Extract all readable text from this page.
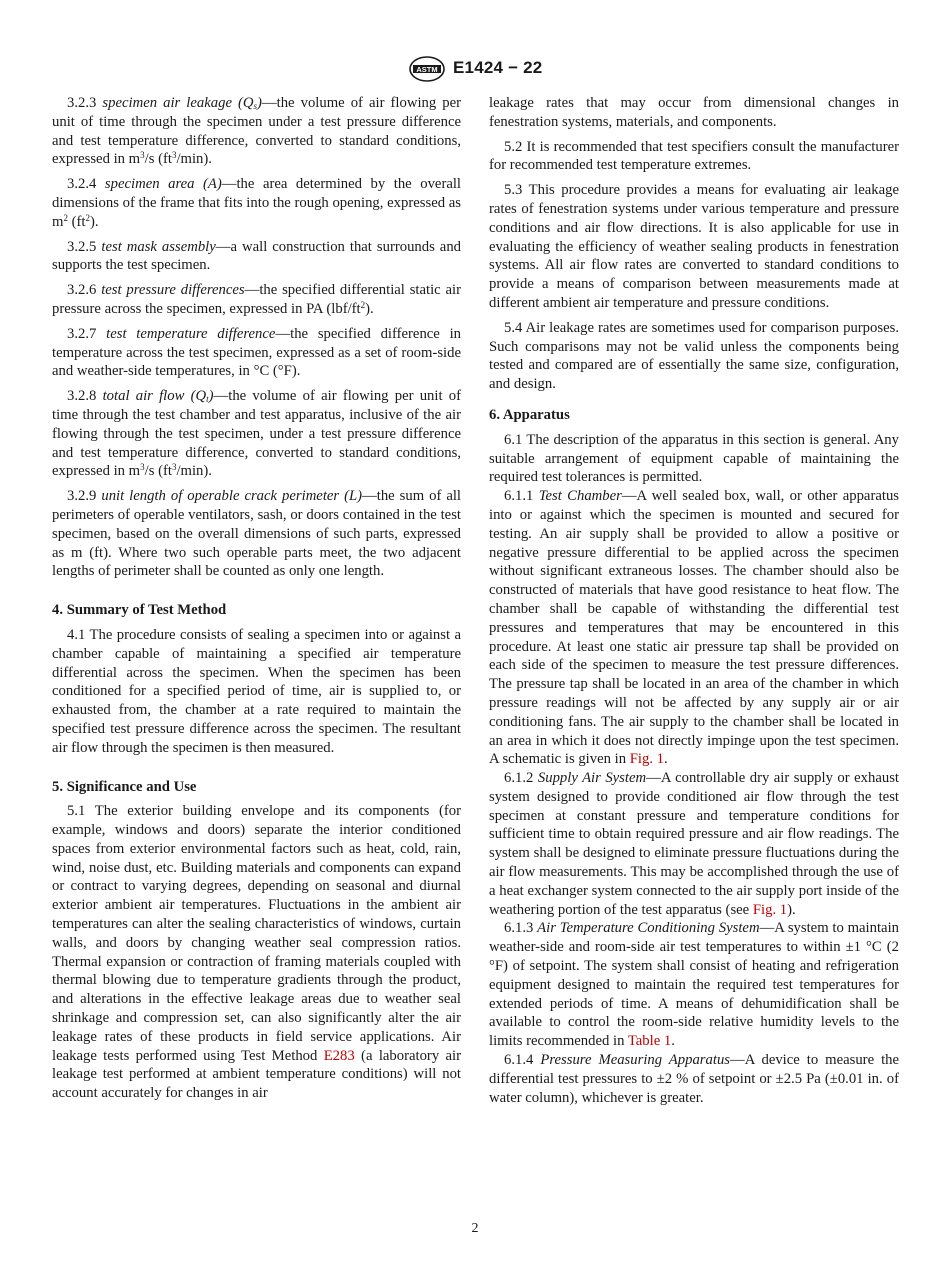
ASTM E1424 − 22

3.2.3 specimen air leakage $(Q_s)—the$ volume of air flowing per unit of time through the specimen under a test pressure difference and test temperature difference, converted to standard conditions, expressed in $m^3/s$ $(ft^3/\min)$.

3.2.4 specimen area (A)—the area determined by the overall dimensions of the frame that fits into the rough opening, expressed as $m^2$ $(ft^2)$.

3.2.5 test mask assembly—a wall construction that surrounds and supports the test specimen.

3.2.6 test pressure differences—the specified differential static air pressure across the specimen, expressed in PA $(lbf/ft^2)$.

3.2.7 test temperature difference—the specified difference in temperature across the test specimen, expressed as a set of room-side and weather-side temperatures, in °C (°F).

3.2.8 total air flow $(Q_t)—the$ volume of air flowing per unit of time through the test chamber and test apparatus, inclusive of the air flowing through the test specimen, under a test pressure difference and test temperature difference, converted to standard conditions, expressed in $m^3/s$ $(ft^3/\min)$.

3.2.9 unit length of operable crack perimeter (L)—the sum of all perimeters of operable ventilators, sash, or doors contained in the test specimen, based on the overall dimensions of such parts, expressed as m (ft). Where two such operable parts meet, the two adjacent lengths of perimeter shall be counted as only one length.

4. Summary of Test Method

4.1 The procedure consists of sealing a specimen into or against a chamber capable of maintaining a specified air temperature differential across the specimen. When the specimen has been conditioned for a specified period of time, air is supplied to, or exhausted from, the chamber at a rate required to maintain the specified test pressure difference across the specimen. The resultant air flow through the specimen is then measured.

5. Significance and Use

5.1 The exterior building envelope and its components (for example, windows and doors) separate the interior conditioned spaces from exterior environmental factors such as heat, cold, rain, wind, noise dust, etc. Building materials and components can expand or contract to varying degrees, depending on seasonal and diurnal exterior ambient air temperatures. Fluctuations in the ambient air temperatures can alter the sealing characteristics of windows, curtain walls, and doors by changing weather seal compression ratios. Thermal expansion or contraction of framing materials coupled with thermal blowing due to temperature gradients through the product, and alterations in the effective leakage areas due to weather seal shrinkage and compression set, can also significantly alter the air leakage rates of these products in field service applications. Air leakage tests performed using Test Method E283 (a laboratory air leakage test performed at ambient temperature conditions) will not account accurately for changes in air

leakage rates that may occur from dimensional changes in fenestration systems, materials, and components.

5.2 It is recommended that test specifiers consult the manufacturer for recommended test temperature extremes.

5.3 This procedure provides a means for evaluating air leakage rates of fenestration systems under various temperature and pressure conditions and air flow directions. It is also applicable for use in evaluating the efficiency of weather sealing products in fenestration systems. All air flow rates are converted to standard conditions to provide a means of comparison between measurements made at different ambient air temperature and pressure conditions.

5.4 Air leakage rates are sometimes used for comparison purposes. Such comparisons may not be valid unless the components being tested and compared are of essentially the same size, configuration, and design.

6. Apparatus

6.1 The description of the apparatus in this section is general. Any suitable arrangement of equipment capable of maintaining the required test tolerances is permitted.

6.1.1 Test Chamber—A well sealed box, wall, or other apparatus into or against which the specimen is mounted and secured for testing. An air supply shall be provided to allow a positive or negative pressure differential to be applied across the specimen without significant extraneous losses. The chamber should also be constructed of materials that have good resistance to heat flow. The chamber shall be capable of withstanding the differential test pressures and temperatures that may be encountered in this procedure. At least one static air pressure tap shall be provided on each side of the specimen to measure the test pressure differences. The pressure tap shall be located in an area of the chamber in which pressure readings will not be affected by any supply air or air conditioning fans. The air supply to the chamber shall be located in an area in which it does not directly impinge upon the test specimen. A schematic is given in Fig. 1.

6.1.2 Supply Air System—A controllable dry air supply or exhaust system designed to provide conditioned air flow through the test specimen at constant pressure and temperature conditions for sufficient time to obtain required pressure and air flow readings. The system shall be designed to eliminate pressure fluctuations during the air flow measurements. This may be accomplished through the use of a heat exchanger system connected to the air supply port inside of the weathering portion of the test apparatus (see Fig. 1).

6.1.3 Air Temperature Conditioning System—A system to maintain weather-side and room-side air test temperatures to within ±1 °C (2 °F) of setpoint. The system shall consist of heating and refrigeration equipment designed to maintain the required test temperatures for extended periods of time. A means of dehumidification shall be available to control the room-side relative humidity levels to the limits recommended in Table 1.

6.1.4 Pressure Measuring Apparatus—A device to measure the differential test pressures to ±2 % of setpoint or ±2.5 Pa (±0.01 in. of water column), whichever is greater.

2
